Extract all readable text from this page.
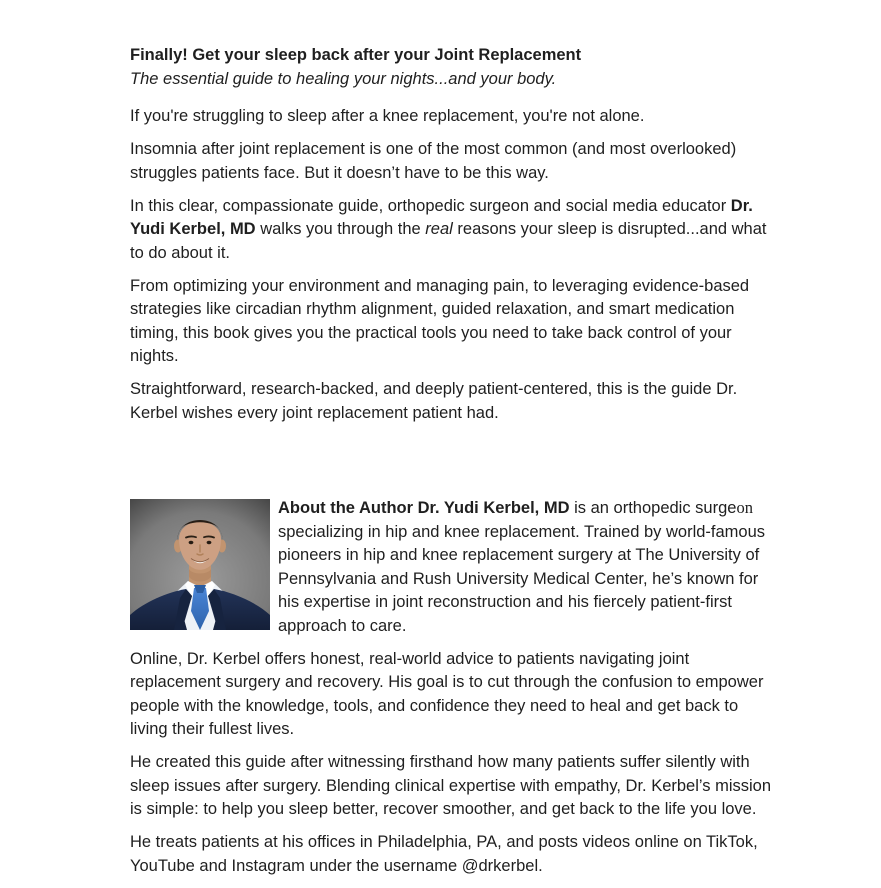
Finally! Get your sleep back after your Joint Replacement
The essential guide to healing your nights...and your body.

If you're struggling to sleep after a knee replacement, you're not alone.

Insomnia after joint replacement is one of the most common (and most overlooked) struggles patients face. But it doesn’t have to be this way.

In this clear, compassionate guide, orthopedic surgeon and social media educator Dr. Yudi Kerbel, MD walks you through the real reasons your sleep is disrupted...and what to do about it.

From optimizing your environment and managing pain, to leveraging evidence-based strategies like circadian rhythm alignment, guided relaxation, and smart medication timing, this book gives you the practical tools you need to take back control of your nights.

Straightforward, research-backed, and deeply patient-centered, this is the guide Dr. Kerbel wishes every joint replacement patient had.

About the Author Dr. Yudi Kerbel, MD is an orthopedic surgeon specializing in hip and knee replacement. Trained by world-famous pioneers in hip and knee replacement surgery at The University of Pennsylvania and Rush University Medical Center, he’s known for his expertise in joint reconstruction and his fiercely patient-first approach to care.

Online, Dr. Kerbel offers honest, real-world advice to patients navigating joint replacement surgery and recovery. His goal is to cut through the confusion to empower people with the knowledge, tools, and confidence they need to heal and get back to living their fullest lives.

He created this guide after witnessing firsthand how many patients suffer silently with sleep issues after surgery. Blending clinical expertise with empathy, Dr. Kerbel’s mission is simple: to help you sleep better, recover smoother, and get back to the life you love.

He treats patients at his offices in Philadelphia, PA, and posts videos online on TikTok, YouTube and Instagram under the username @drkerbel.
